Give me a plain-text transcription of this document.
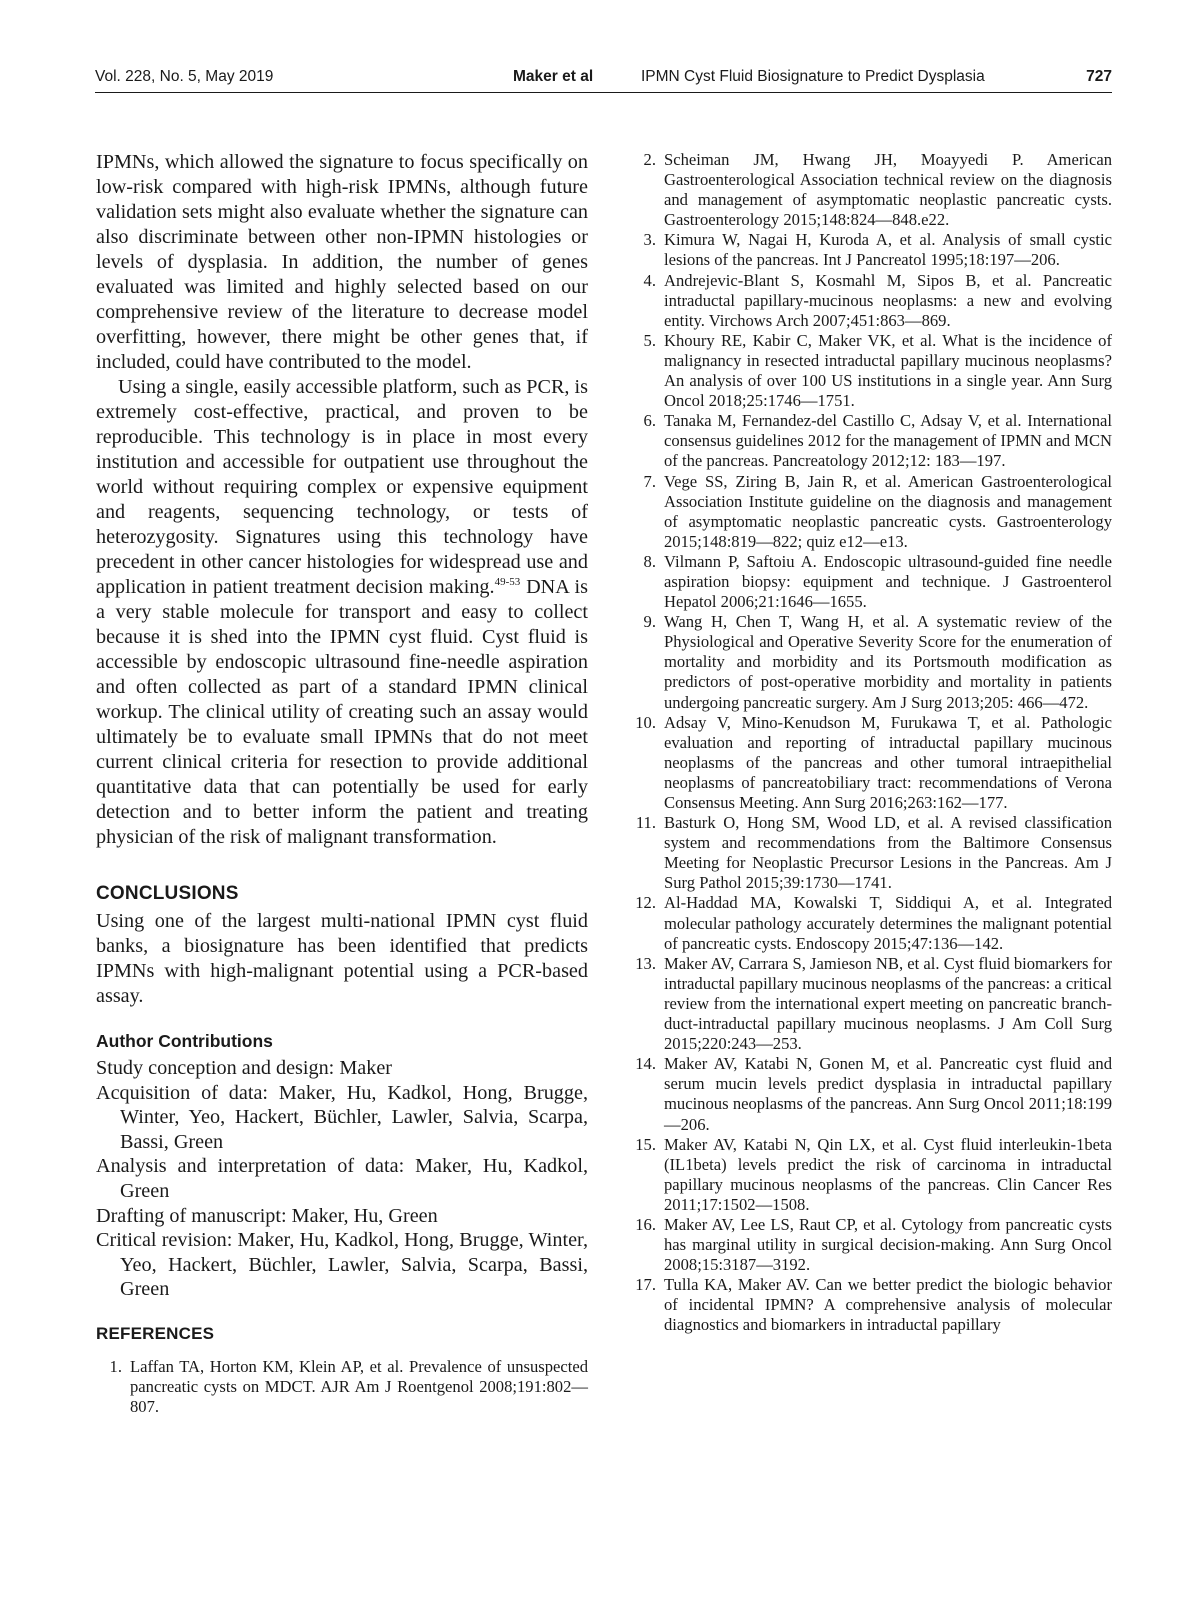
Vol. 228, No. 5, May 2019	Maker et al	IPMN Cyst Fluid Biosignature to Predict Dysplasia	727

IPMNs, which allowed the signature to focus specifically on low-risk compared with high-risk IPMNs, although future validation sets might also evaluate whether the signature can also discriminate between other non-IPMN histologies or levels of dysplasia. In addition, the number of genes evaluated was limited and highly selected based on our comprehensive review of the literature to decrease model overfitting, however, there might be other genes that, if included, could have contributed to the model.

Using a single, easily accessible platform, such as PCR, is extremely cost-effective, practical, and proven to be reproducible. This technology is in place in most every institution and accessible for outpatient use throughout the world without requiring complex or expensive equipment and reagents, sequencing technology, or tests of heterozygosity. Signatures using this technology have precedent in other cancer histologies for widespread use and application in patient treatment decision making.$^{49-53}$ DNA is a very stable molecule for transport and easy to collect because it is shed into the IPMN cyst fluid. Cyst fluid is accessible by endoscopic ultrasound fine-needle aspiration and often collected as part of a standard IPMN clinical workup. The clinical utility of creating such an assay would ultimately be to evaluate small IPMNs that do not meet current clinical criteria for resection to provide additional quantitative data that can potentially be used for early detection and to better inform the patient and treating physician of the risk of malignant transformation.

CONCLUSIONS

Using one of the largest multi-national IPMN cyst fluid banks, a biosignature has been identified that predicts IPMNs with high-malignant potential using a PCR-based assay.

Author Contributions
Study conception and design: Maker
Acquisition of data: Maker, Hu, Kadkol, Hong, Brugge, Winter, Yeo, Hackert, Büchler, Lawler, Salvia, Scarpa, Bassi, Green
Analysis and interpretation of data: Maker, Hu, Kadkol, Green
Drafting of manuscript: Maker, Hu, Green
Critical revision: Maker, Hu, Kadkol, Hong, Brugge, Winter, Yeo, Hackert, Büchler, Lawler, Salvia, Scarpa, Bassi, Green
REFERENCES
1. Laffan TA, Horton KM, Klein AP, et al. Prevalence of unsuspected pancreatic cysts on MDCT. AJR Am J Roentgenol 2008;191:802—807.
2. Scheiman JM, Hwang JH, Moayyedi P. American Gastroenterological Association technical review on the diagnosis and management of asymptomatic neoplastic pancreatic cysts. Gastroenterology 2015;148:824—848.e22.
3. Kimura W, Nagai H, Kuroda A, et al. Analysis of small cystic lesions of the pancreas. Int J Pancreatol 1995;18:197—206.
4. Andrejevic-Blant S, Kosmahl M, Sipos B, et al. Pancreatic intraductal papillary-mucinous neoplasms: a new and evolving entity. Virchows Arch 2007;451:863—869.
5. Khoury RE, Kabir C, Maker VK, et al. What is the incidence of malignancy in resected intraductal papillary mucinous neoplasms? An analysis of over 100 US institutions in a single year. Ann Surg Oncol 2018;25:1746—1751.
6. Tanaka M, Fernandez-del Castillo C, Adsay V, et al. International consensus guidelines 2012 for the management of IPMN and MCN of the pancreas. Pancreatology 2012;12: 183—197.
7. Vege SS, Ziring B, Jain R, et al. American Gastroenterological Association Institute guideline on the diagnosis and management of asymptomatic neoplastic pancreatic cysts. Gastroenterology 2015;148:819—822; quiz e12—e13.
8. Vilmann P, Saftoiu A. Endoscopic ultrasound-guided fine needle aspiration biopsy: equipment and technique. J Gastroenterol Hepatol 2006;21:1646—1655.
9. Wang H, Chen T, Wang H, et al. A systematic review of the Physiological and Operative Severity Score for the enumeration of mortality and morbidity and its Portsmouth modification as predictors of post-operative morbidity and mortality in patients undergoing pancreatic surgery. Am J Surg 2013;205: 466—472.
10. Adsay V, Mino-Kenudson M, Furukawa T, et al. Pathologic evaluation and reporting of intraductal papillary mucinous neoplasms of the pancreas and other tumoral intraepithelial neoplasms of pancreatobiliary tract: recommendations of Verona Consensus Meeting. Ann Surg 2016;263:162—177.
11. Basturk O, Hong SM, Wood LD, et al. A revised classification system and recommendations from the Baltimore Consensus Meeting for Neoplastic Precursor Lesions in the Pancreas. Am J Surg Pathol 2015;39:1730—1741.
12. Al-Haddad MA, Kowalski T, Siddiqui A, et al. Integrated molecular pathology accurately determines the malignant potential of pancreatic cysts. Endoscopy 2015;47:136—142.
13. Maker AV, Carrara S, Jamieson NB, et al. Cyst fluid biomarkers for intraductal papillary mucinous neoplasms of the pancreas: a critical review from the international expert meeting on pancreatic branch-duct-intraductal papillary mucinous neoplasms. J Am Coll Surg 2015;220:243—253.
14. Maker AV, Katabi N, Gonen M, et al. Pancreatic cyst fluid and serum mucin levels predict dysplasia in intraductal papillary mucinous neoplasms of the pancreas. Ann Surg Oncol 2011;18:199—206.
15. Maker AV, Katabi N, Qin LX, et al. Cyst fluid interleukin-1beta (IL1beta) levels predict the risk of carcinoma in intraductal papillary mucinous neoplasms of the pancreas. Clin Cancer Res 2011;17:1502—1508.
16. Maker AV, Lee LS, Raut CP, et al. Cytology from pancreatic cysts has marginal utility in surgical decision-making. Ann Surg Oncol 2008;15:3187—3192.
17. Tulla KA, Maker AV. Can we better predict the biologic behavior of incidental IPMN? A comprehensive analysis of molecular diagnostics and biomarkers in intraductal papillary
